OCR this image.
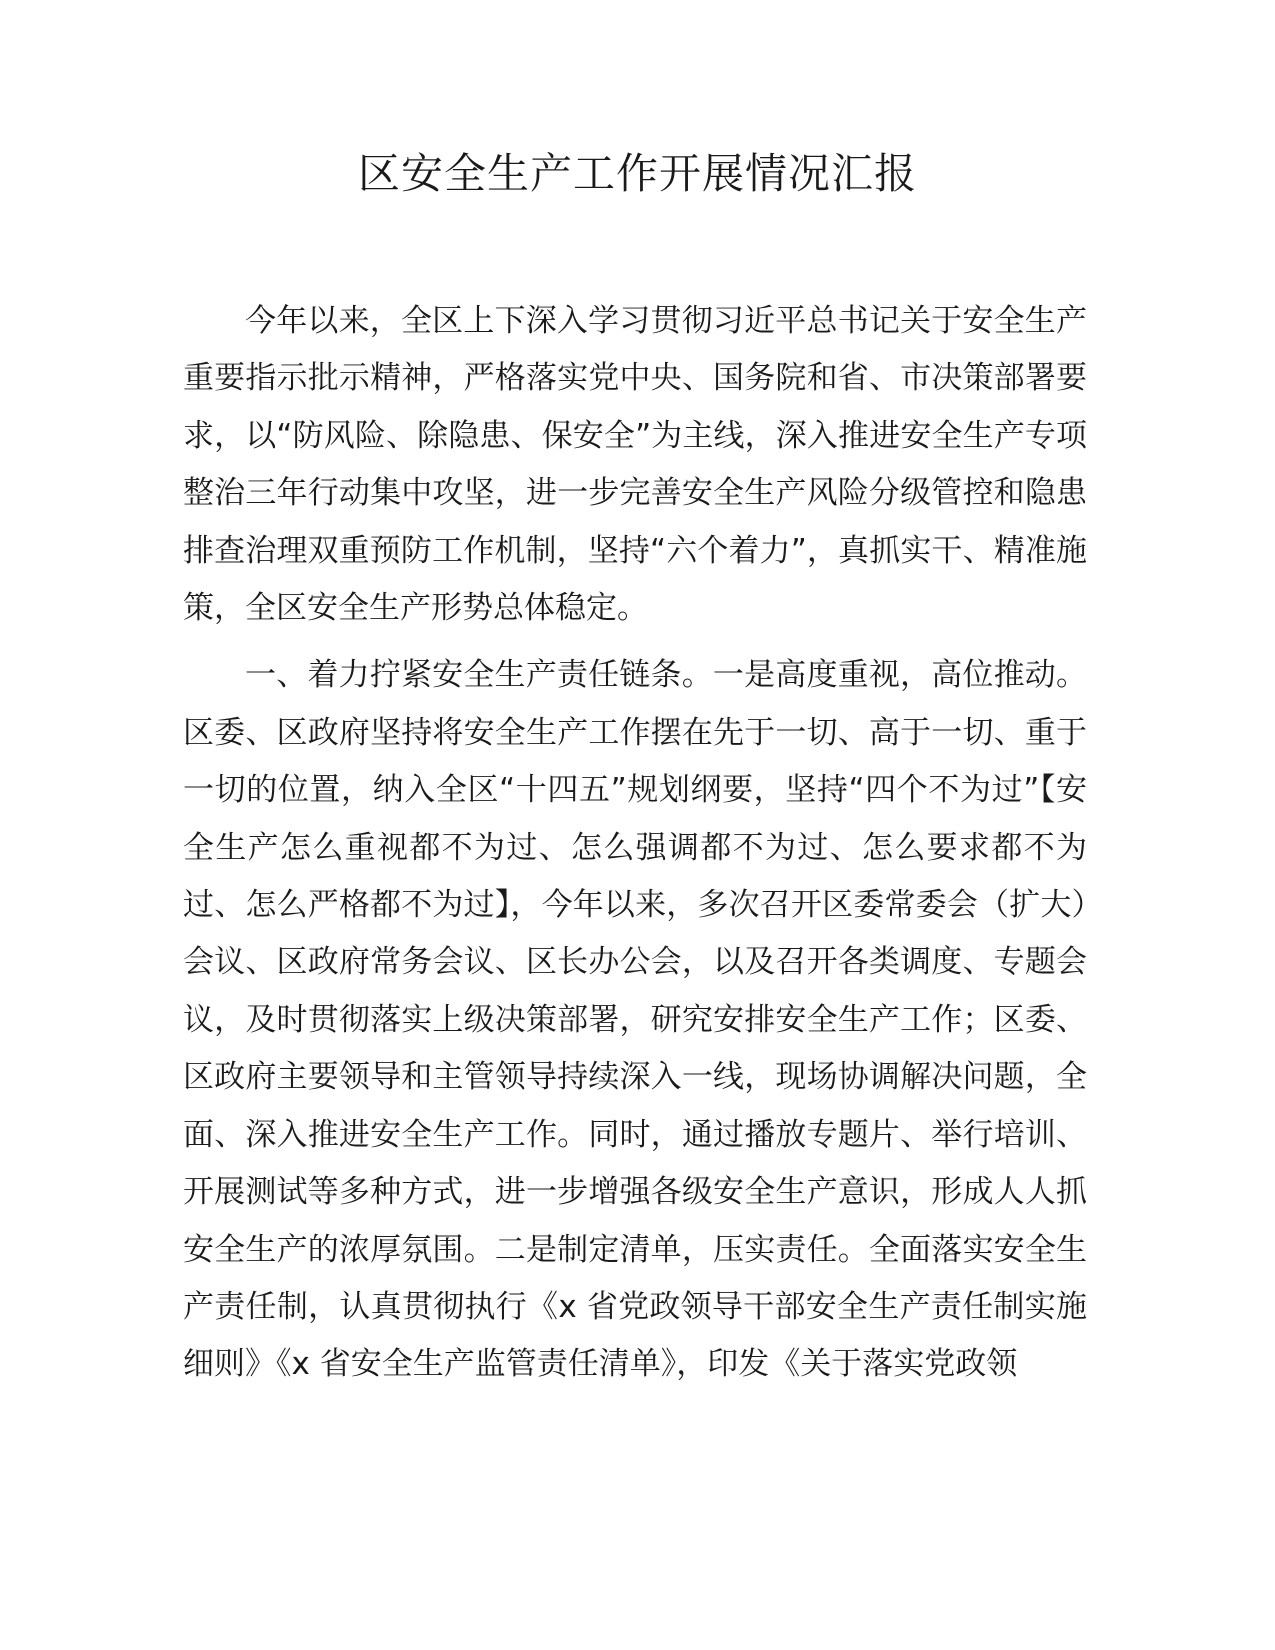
区安全生产工作开展情况汇报

今年以来，全区上下深入学习贯彻习近平总书记关于安全生产重要指示批示精神，严格落实党中央、国务院和省、市决策部署要求，以“防风险、除隐患、保安全”为主线，深入推进安全生产专项整治三年行动集中攻坚，进一步完善安全生产风险分级管控和隐患排查治理双重预防工作机制，坚持“六个着力”，真抓实干、精准施策，全区安全生产形势总体稳定。

一、着力拧紧安全生产责任链条。一是高度重视，高位推动。区委、区政府坚持将安全生产工作摆在先于一切、高于一切、重于一切的位置，纳入全区“十四五”规划纲要，坚持“四个不为过”【安全生产怎么重视都不为过、怎么强调都不为过、怎么要求都不为过、怎么严格都不为过】，今年以来，多次召开区委常委会（扩大）会议、区政府常务会议、区长办公会，以及召开各类调度、专题会议，及时贯彻落实上级决策部署，研究安排安全生产工作；区委、区政府主要领导和主管领导持续深入一线，现场协调解决问题，全面、深入推进安全生产工作。同时，通过播放专题片、举行培训、开展测试等多种方式，进一步增强各级安全生产意识，形成人人抓安全生产的浓厚氛围。二是制定清单，压实责任。全面落实安全生产责任制，认真贯彻执行《x 省党政领导干部安全生产责任制实施细则》《x 省安全生产监管责任清单》，印发《关于落实党政领
